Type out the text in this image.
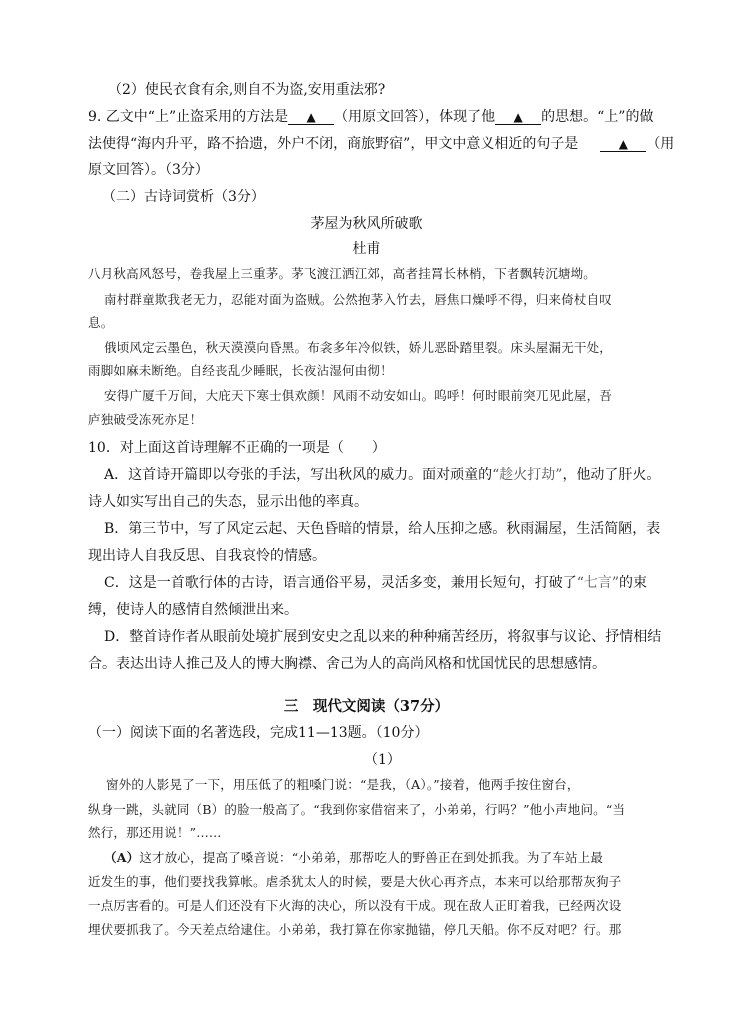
（2）使民衣食有余,则自不为盗,安用重法邪?
9. 乙文中“上”止盗采用的方法是 ▲ （用原文回答），体现了他 ▲ 的思想。“上”的做
法使得“海内升平，路不拾遗，外户不闭，商旅野宿”，甲文中意义相近的句子是	▲ （用
原文回答）。（3分）
（二）古诗词赏析（3分）
茅屋为秋风所破歌
杜甫
八月秋高风怒号，卷我屋上三重茅。茅飞渡江洒江郊，高者挂罥长林梢，下者飘转沉塘坳。
南村群童欺我老无力，忍能对面为盗贼。公然抱茅入竹去，唇焦口燥呼不得，归来倚杖自叹
息。
俄顷风定云墨色，秋天漠漠向昏黑。布衾多年冷似铁，娇儿恶卧踏里裂。床头屋漏无干处，
雨脚如麻未断绝。自经丧乱少睡眠，长夜沾湿何由彻！
安得广厦千万间，大庇天下寒士俱欢颜！风雨不动安如山。呜呼！何时眼前突兀见此屋，吾
庐独破受冻死亦足！
10．对上面这首诗理解不正确的一项是（　　）
A．这首诗开篇即以夸张的手法，写出秋风的威力。面对顽童的“趁火打劫”，他动了肝火。
诗人如实写出自己的失态，显示出他的率真。
B．第三节中，写了风定云起、天色昏暗的情景，给人压抑之感。秋雨漏屋，生活简陋，表
现出诗人自我反思、自我哀怜的情感。
C．这是一首歌行体的古诗，语言通俗平易，灵活多变，兼用长短句，打破了“七言”的束
缚，使诗人的感情自然倾泄出来。
D．整首诗作者从眼前处境扩展到安史之乱以来的种种痛苦经历，将叙事与议论、抒情相结
合。表达出诗人推己及人的博大胸襟、舍己为人的高尚风格和忧国忧民的思想感情。
三　现代文阅读（37分）
（一）阅读下面的名著选段，完成11—13题。（10分）
（1）
窗外的人影晃了一下，用压低了的粗嗓门说：“是我，（A）。”接着，他两手按住窗台，
纵身一跳，头就同（B）的脸一般高了。“我到你家借宿来了，小弟弟，行吗？”他小声地问。“当
然行，那还用说！”……
（A）这才放心，提高了嗓音说：“小弟弟，那帮吃人的野兽正在到处抓我。为了车站上最
近发生的事，他们要找我算帐。虐杀犹太人的时候，要是大伙心再齐点，本来可以给那帮灰狗子
一点厉害看的。可是人们还没有下火海的决心，所以没有干成。现在敌人正盯着我，已经两次设
埋伏要抓我了。今天差点给逮住。小弟弟，我打算在你家抛锚，停几天船。你不反对吧？行。那
